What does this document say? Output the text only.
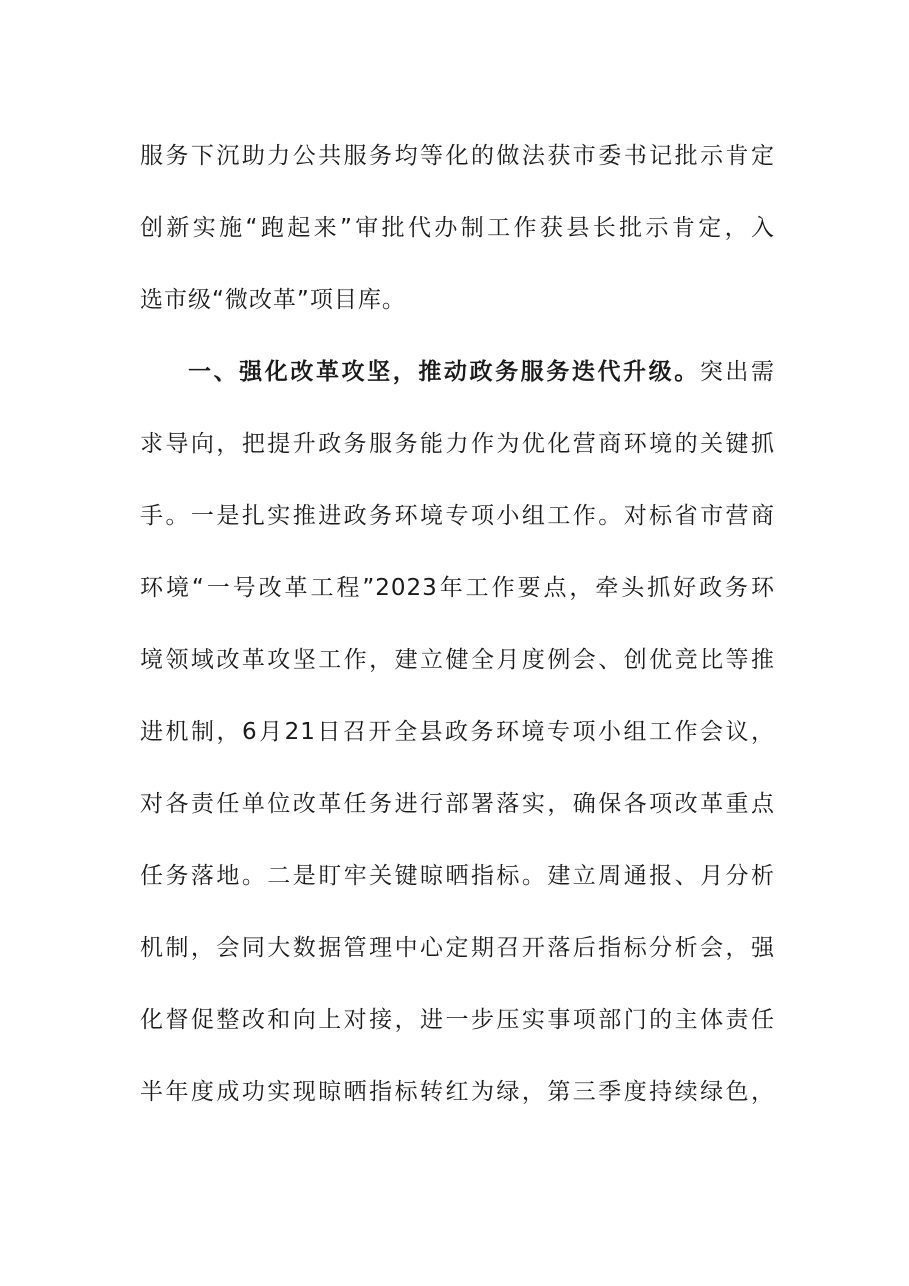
服务下沉助力公共服务均等化的做法获市委书记批示肯定
创新实施“跑起来”审批代办制工作获县长批示肯定，入
选市级“微改革”项目库。
一、强化改革攻坚，推动政务服务迭代升级。突出需
求导向，把提升政务服务能力作为优化营商环境的关键抓
手。一是扎实推进政务环境专项小组工作。对标省市营商
环境“一号改革工程”2023年工作要点，牵头抓好政务环
境领域改革攻坚工作，建立健全月度例会、创优竞比等推
进机制，6月21日召开全县政务环境专项小组工作会议，
对各责任单位改革任务进行部署落实，确保各项改革重点
任务落地。二是盯牢关键晾晒指标。建立周通报、月分析
机制，会同大数据管理中心定期召开落后指标分析会，强
化督促整改和向上对接，进一步压实事项部门的主体责任
半年度成功实现晾晒指标转红为绿，第三季度持续绿色，
